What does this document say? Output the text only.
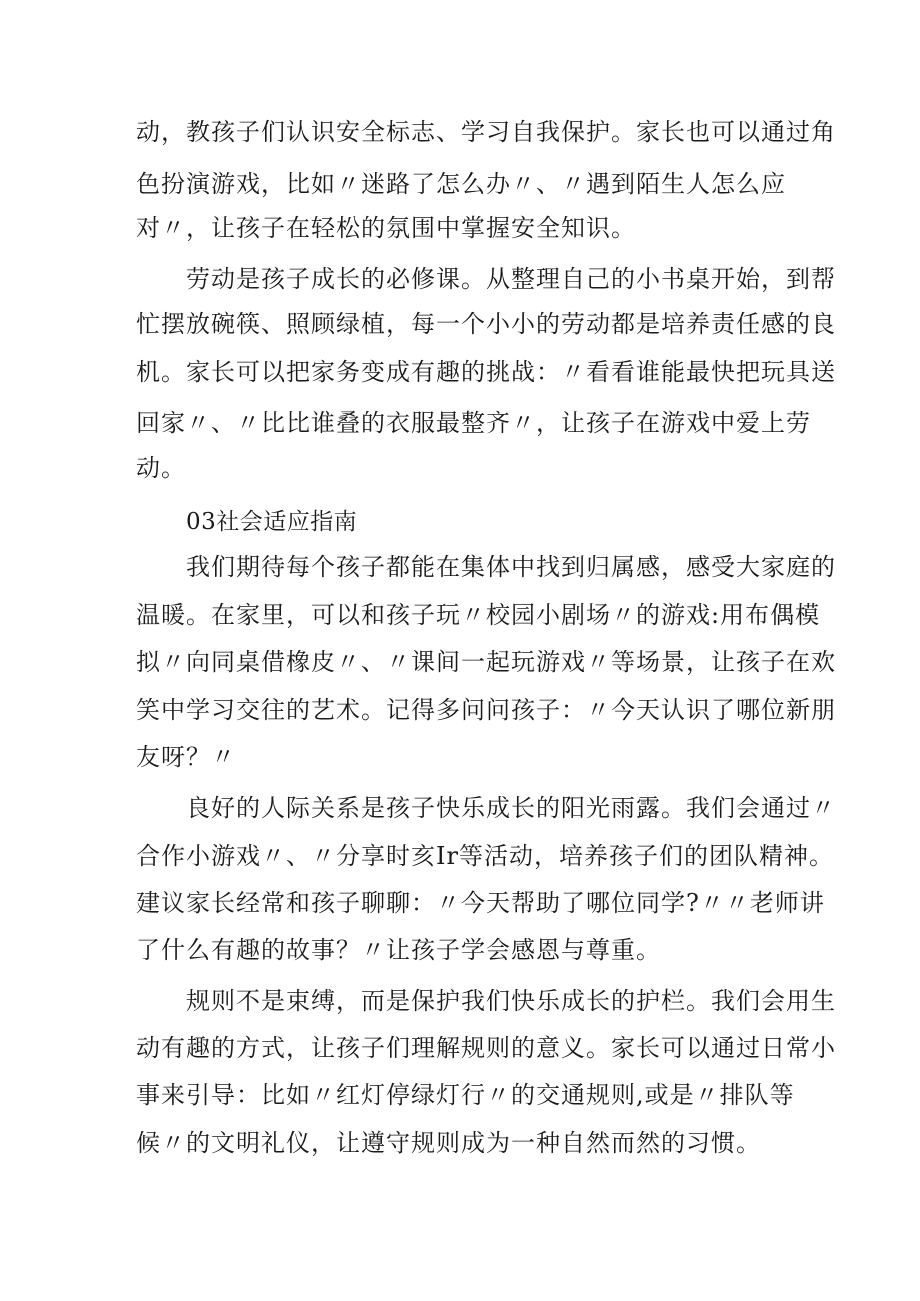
动，教孩子们认识安全标志、学习自我保护。家长也可以通过角
色扮演游戏，比如〃迷路了怎么办〃、〃遇到陌生人怎么应
对〃，让孩子在轻松的氛围中掌握安全知识。
劳动是孩子成长的必修课。从整理自己的小书桌开始，到帮
忙摆放碗筷、照顾绿植，每一个小小的劳动都是培养责任感的良
机。家长可以把家务变成有趣的挑战：〃看看谁能最快把玩具送
回家〃、〃比比谁叠的衣服最整齐〃，让孩子在游戏中爱上劳
动。
03社会适应指南
我们期待每个孩子都能在集体中找到归属感，感受大家庭的
温暖。在家里，可以和孩子玩〃校园小剧场〃的游戏:用布偶模
拟〃向同桌借橡皮〃、〃课间一起玩游戏〃等场景，让孩子在欢
笑中学习交往的艺术。记得多问问孩子：〃今天认识了哪位新朋
友呀？〃
良好的人际关系是孩子快乐成长的阳光雨露。我们会通过〃
合作小游戏〃、〃分享时亥Ir等活动，培养孩子们的团队精神。
建议家长经常和孩子聊聊：〃今天帮助了哪位同学?〃〃老师讲
了什么有趣的故事？〃让孩子学会感恩与尊重。
规则不是束缚，而是保护我们快乐成长的护栏。我们会用生
动有趣的方式，让孩子们理解规则的意义。家长可以通过日常小
事来引导：比如〃红灯停绿灯行〃的交通规则,或是〃排队等
候〃的文明礼仪，让遵守规则成为一种自然而然的习惯。
